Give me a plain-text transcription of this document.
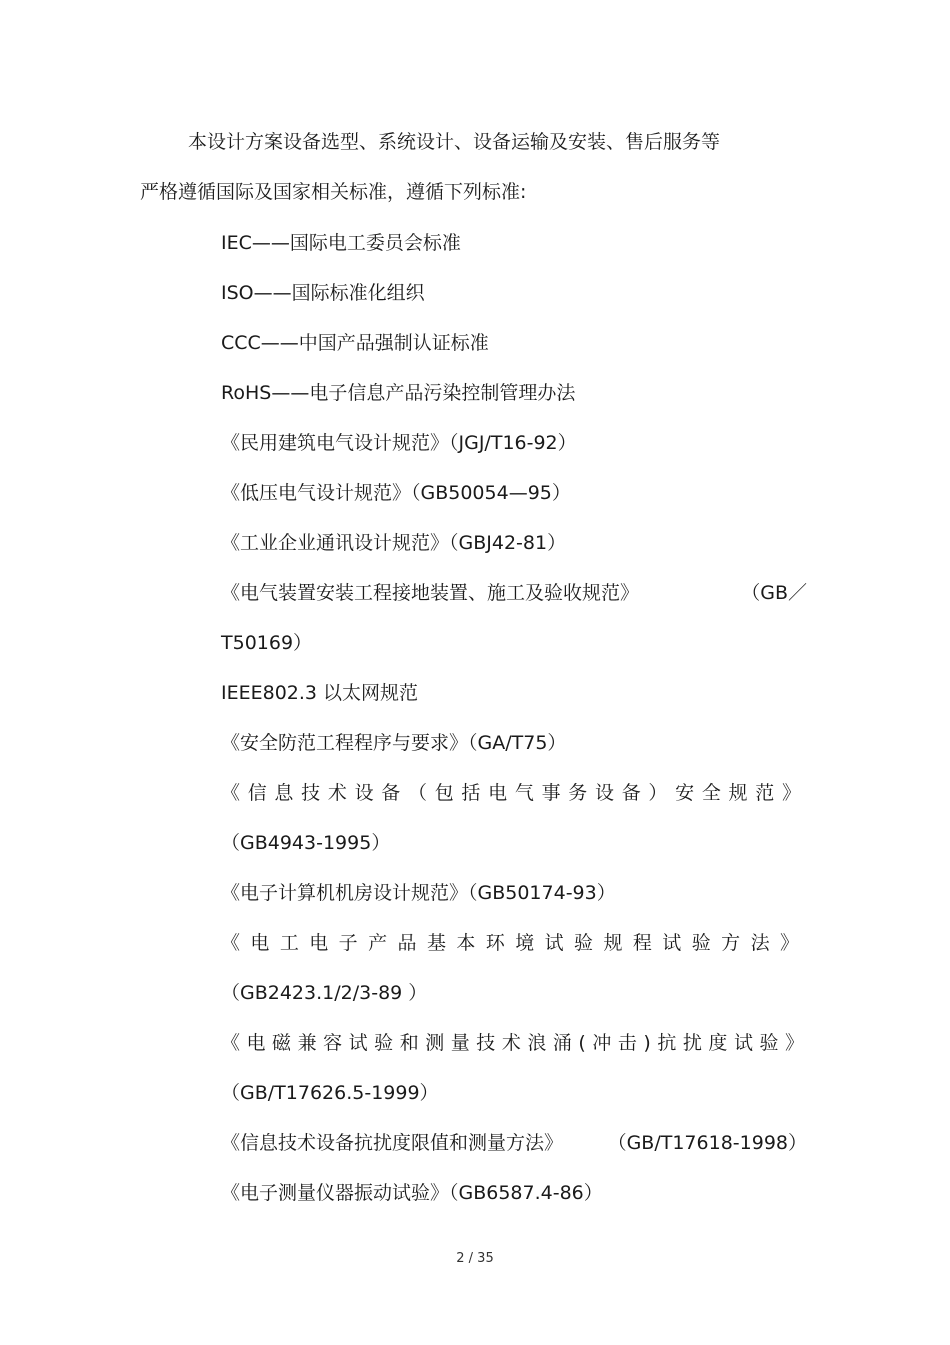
本设计方案设备选型、系统设计、设备运输及安装、售后服务等
严格遵循国际及国家相关标准，遵循下列标准:
IEC——国际电工委员会标准
ISO——国际标准化组织
CCC——中国产品强制认证标准
RoHS——电子信息产品污染控制管理办法
《民用建筑电气设计规范》（JGJ/T16-92）
《低压电气设计规范》（GB50054—95）
《工业企业通讯设计规范》（GBJ42-81）
《电气装置安装工程接地装置、施工及验收规范》	（GB／
T50169）
IEEE802.3 以太网规范
《安全防范工程程序与要求》（GA/T75）
《信息技术设备（包括电气事务设备）安全规范》
（GB4943-1995）
《电子计算机机房设计规范》（GB50174-93）
《电工电子产品基本环境试验规程试验方法》
（GB2423.1/2/3-89 ）
《电磁兼容试验和测量技术浪涌(冲击)抗扰度试验》
（GB/T17626.5-1999）
《信息技术设备抗扰度限值和测量方法》 （GB/T17618-1998）
《电子测量仪器振动试验》（GB6587.4-86）
2 / 35
